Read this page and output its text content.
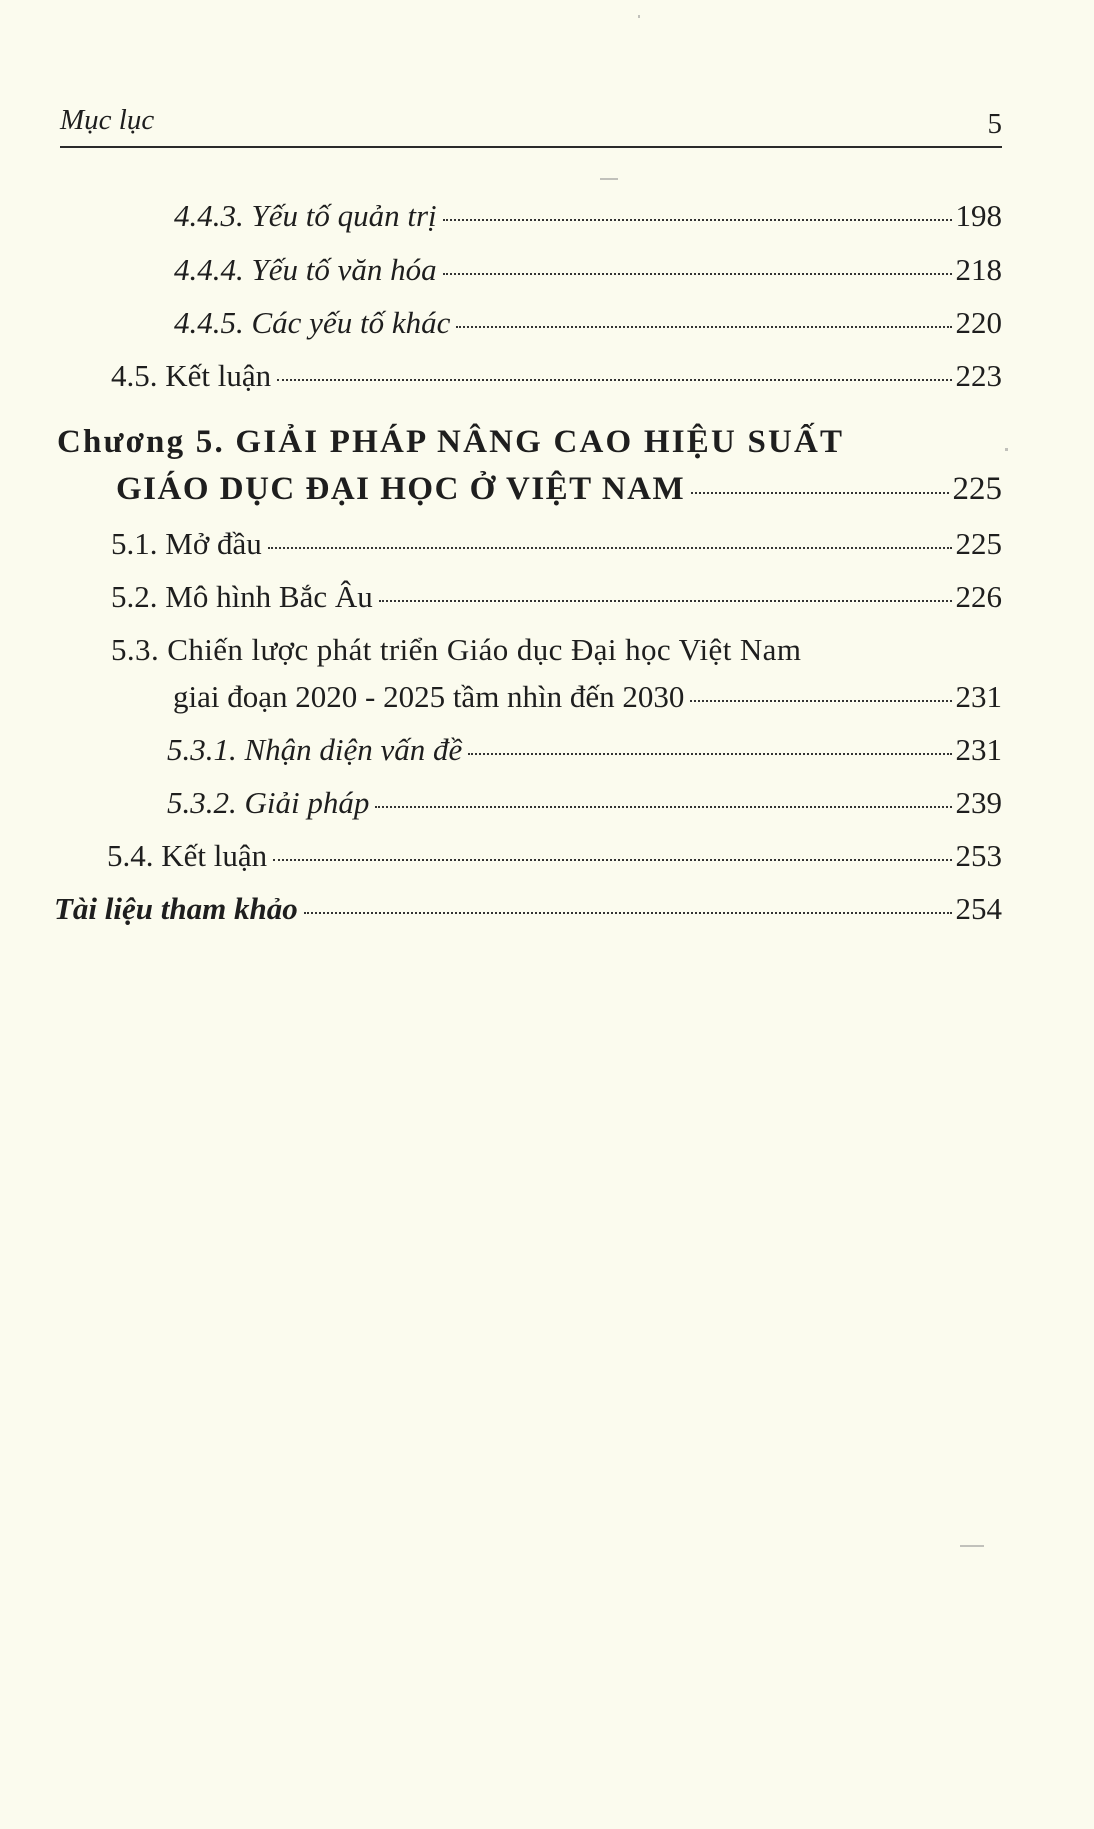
Mục lục	5
4.4.3. Yếu tố quản trị	198
4.4.4. Yếu tố văn hóa	218
4.4.5. Các yếu tố khác	220
4.5. Kết luận	223
Chương 5. GIẢI PHÁP NÂNG CAO HIỆU SUẤT
GIÁO DỤC ĐẠI HỌC Ở VIỆT NAM	225
5.1. Mở đầu	225
5.2. Mô hình Bắc Âu	226
5.3. Chiến lược phát triển Giáo dục Đại học Việt Nam
giai đoạn 2020 - 2025 tầm nhìn đến 2030	231
5.3.1. Nhận diện vấn đề	231
5.3.2. Giải pháp	239
5.4. Kết luận	253
Tài liệu tham khảo	254
